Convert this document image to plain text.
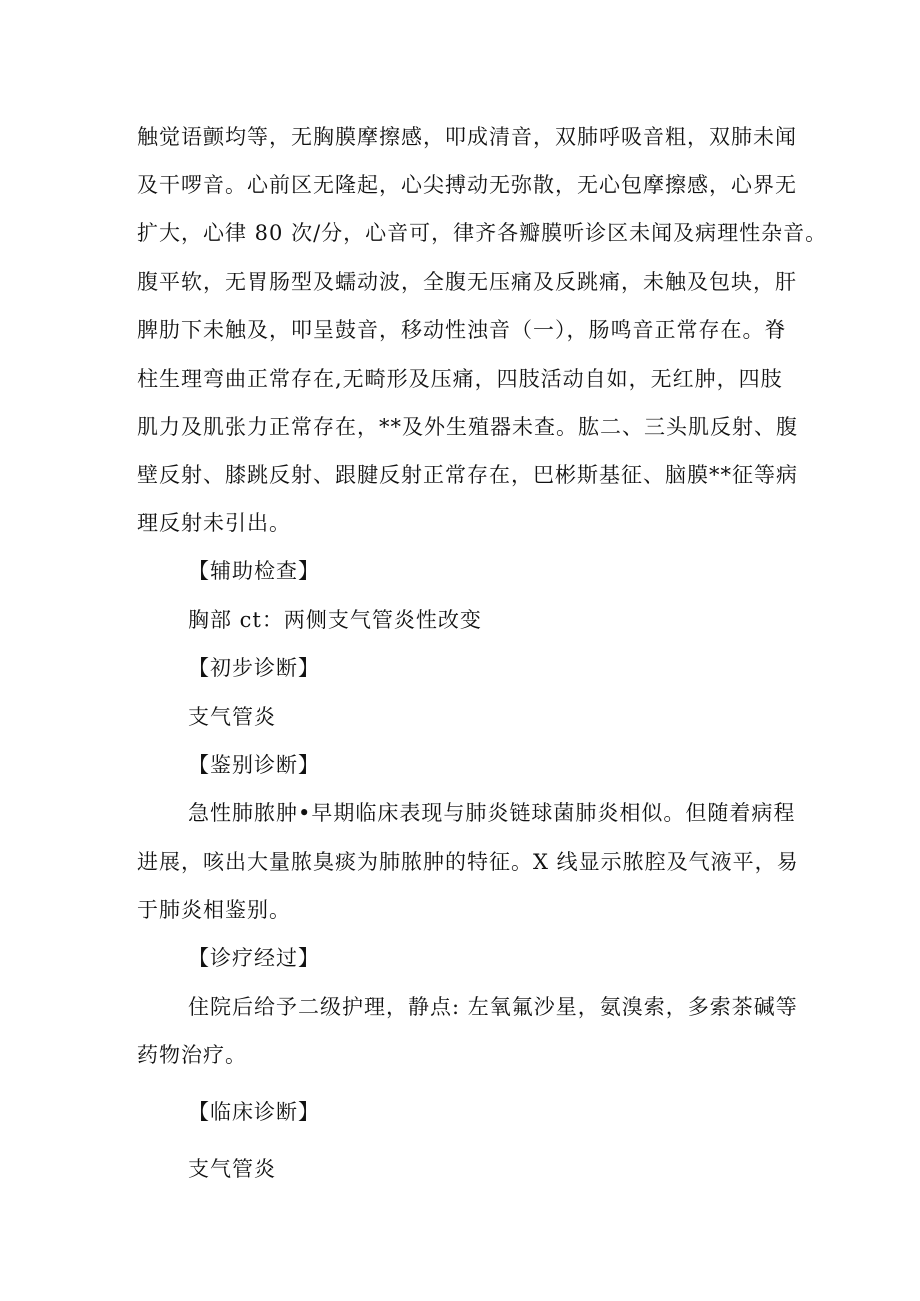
触觉语颤均等，无胸膜摩擦感，叩成清音，双肺呼吸音粗，双肺未闻
及干啰音。心前区无隆起，心尖搏动无弥散，无心包摩擦感，心界无
扩大，心律 80 次/分，心音可，律齐各瓣膜听诊区未闻及病理性杂音。
腹平软，无胃肠型及蠕动波，全腹无压痛及反跳痛，未触及包块，肝
脾肋下未触及，叩呈鼓音，移动性浊音（一），肠鸣音正常存在。脊
柱生理弯曲正常存在,无畸形及压痛，四肢活动自如，无红肿，四肢
肌力及肌张力正常存在，**及外生殖器未查。肱二、三头肌反射、腹
壁反射、膝跳反射、跟腱反射正常存在，巴彬斯基征、脑膜**征等病
理反射未引出。
【辅助检查】
胸部 ct：两侧支气管炎性改变
【初步诊断】
支气管炎
【鉴别诊断】
急性肺脓肿•早期临床表现与肺炎链球菌肺炎相似。但随着病程
进展，咳出大量脓臭痰为肺脓肿的特征。X 线显示脓腔及气液平，易
于肺炎相鉴别。
【诊疗经过】
住院后给予二级护理，静点: 左氧氟沙星，氨溴索，多索茶碱等
药物治疗。
【临床诊断】
支气管炎
